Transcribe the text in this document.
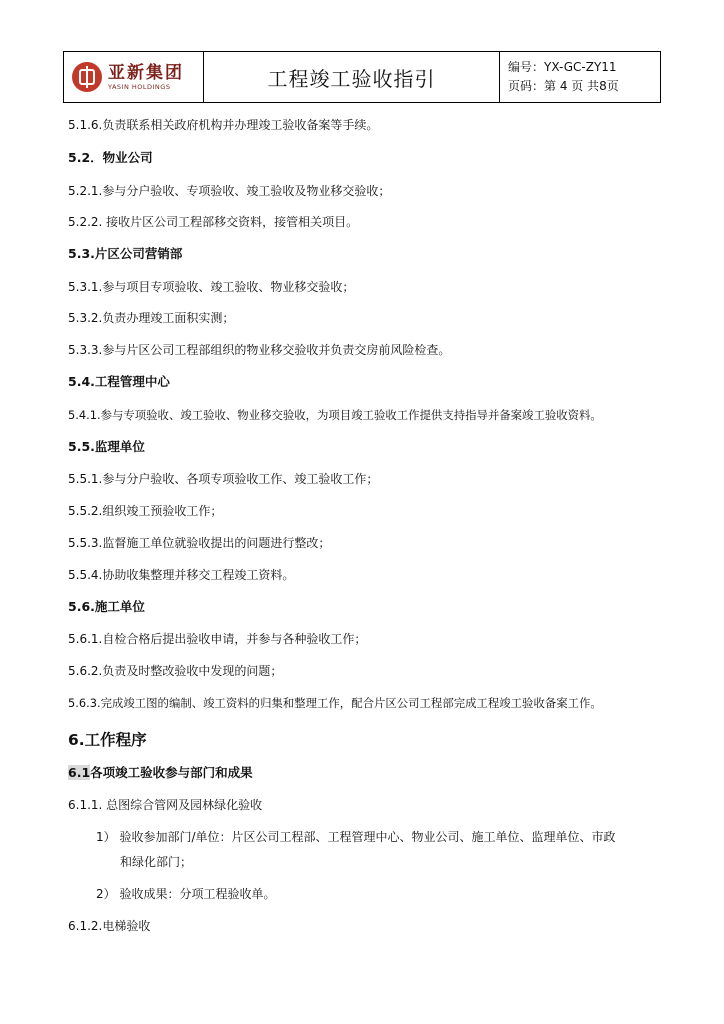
亚新集团
YASIN HOLDINGS	工程竣工验收指引	编号：YX-GC-ZY11
页码：第 4 页 共8页
5.1.6.负责联系相关政府机构并办理竣工验收备案等手续。
5.2．物业公司
5.2.1.参与分户验收、专项验收、竣工验收及物业移交验收；
5.2.2. 接收片区公司工程部移交资料，接管相关项目。
5.3.片区公司营销部
5.3.1.参与项目专项验收、竣工验收、物业移交验收；
5.3.2.负责办理竣工面积实测；
5.3.3.参与片区公司工程部组织的物业移交验收并负责交房前风险检查。
5.4.工程管理中心
5.4.1.参与专项验收、竣工验收、物业移交验收，为项目竣工验收工作提供支持指导并备案竣工验收资料。
5.5.监理单位
5.5.1.参与分户验收、各项专项验收工作、竣工验收工作；
5.5.2.组织竣工预验收工作；
5.5.3.监督施工单位就验收提出的问题进行整改；
5.5.4.协助收集整理并移交工程竣工资料。
5.6.施工单位
5.6.1.自检合格后提出验收申请，并参与各种验收工作；
5.6.2.负责及时整改验收中发现的问题；
5.6.3.完成竣工图的编制、竣工资料的归集和整理工作，配合片区公司工程部完成工程竣工验收备案工作。
6.工作程序
6.1各项竣工验收参与部门和成果
6.1.1. 总图综合管网及园林绿化验收
1） 验收参加部门/单位：片区公司工程部、工程管理中心、物业公司、施工单位、监理单位、市政
和绿化部门；
2） 验收成果：分项工程验收单。
6.1.2.电梯验收
